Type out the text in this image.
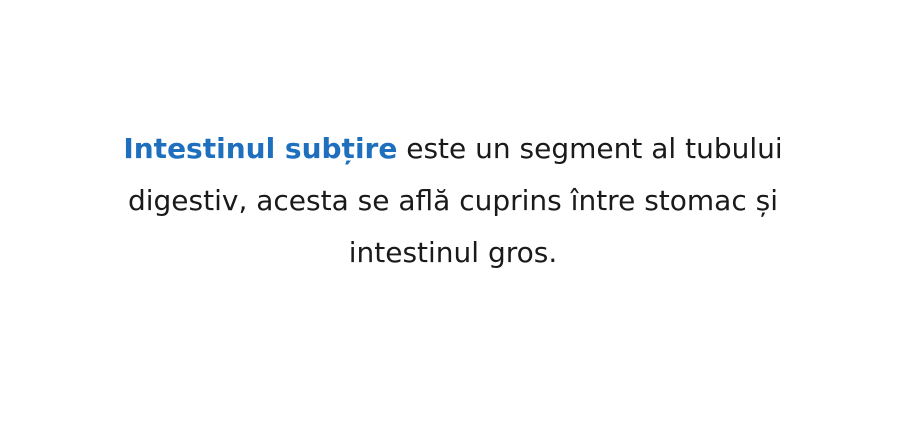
Intestinul subțire este un segment al tubului digestiv, acesta se află cuprins între stomac și intestinul gros.
